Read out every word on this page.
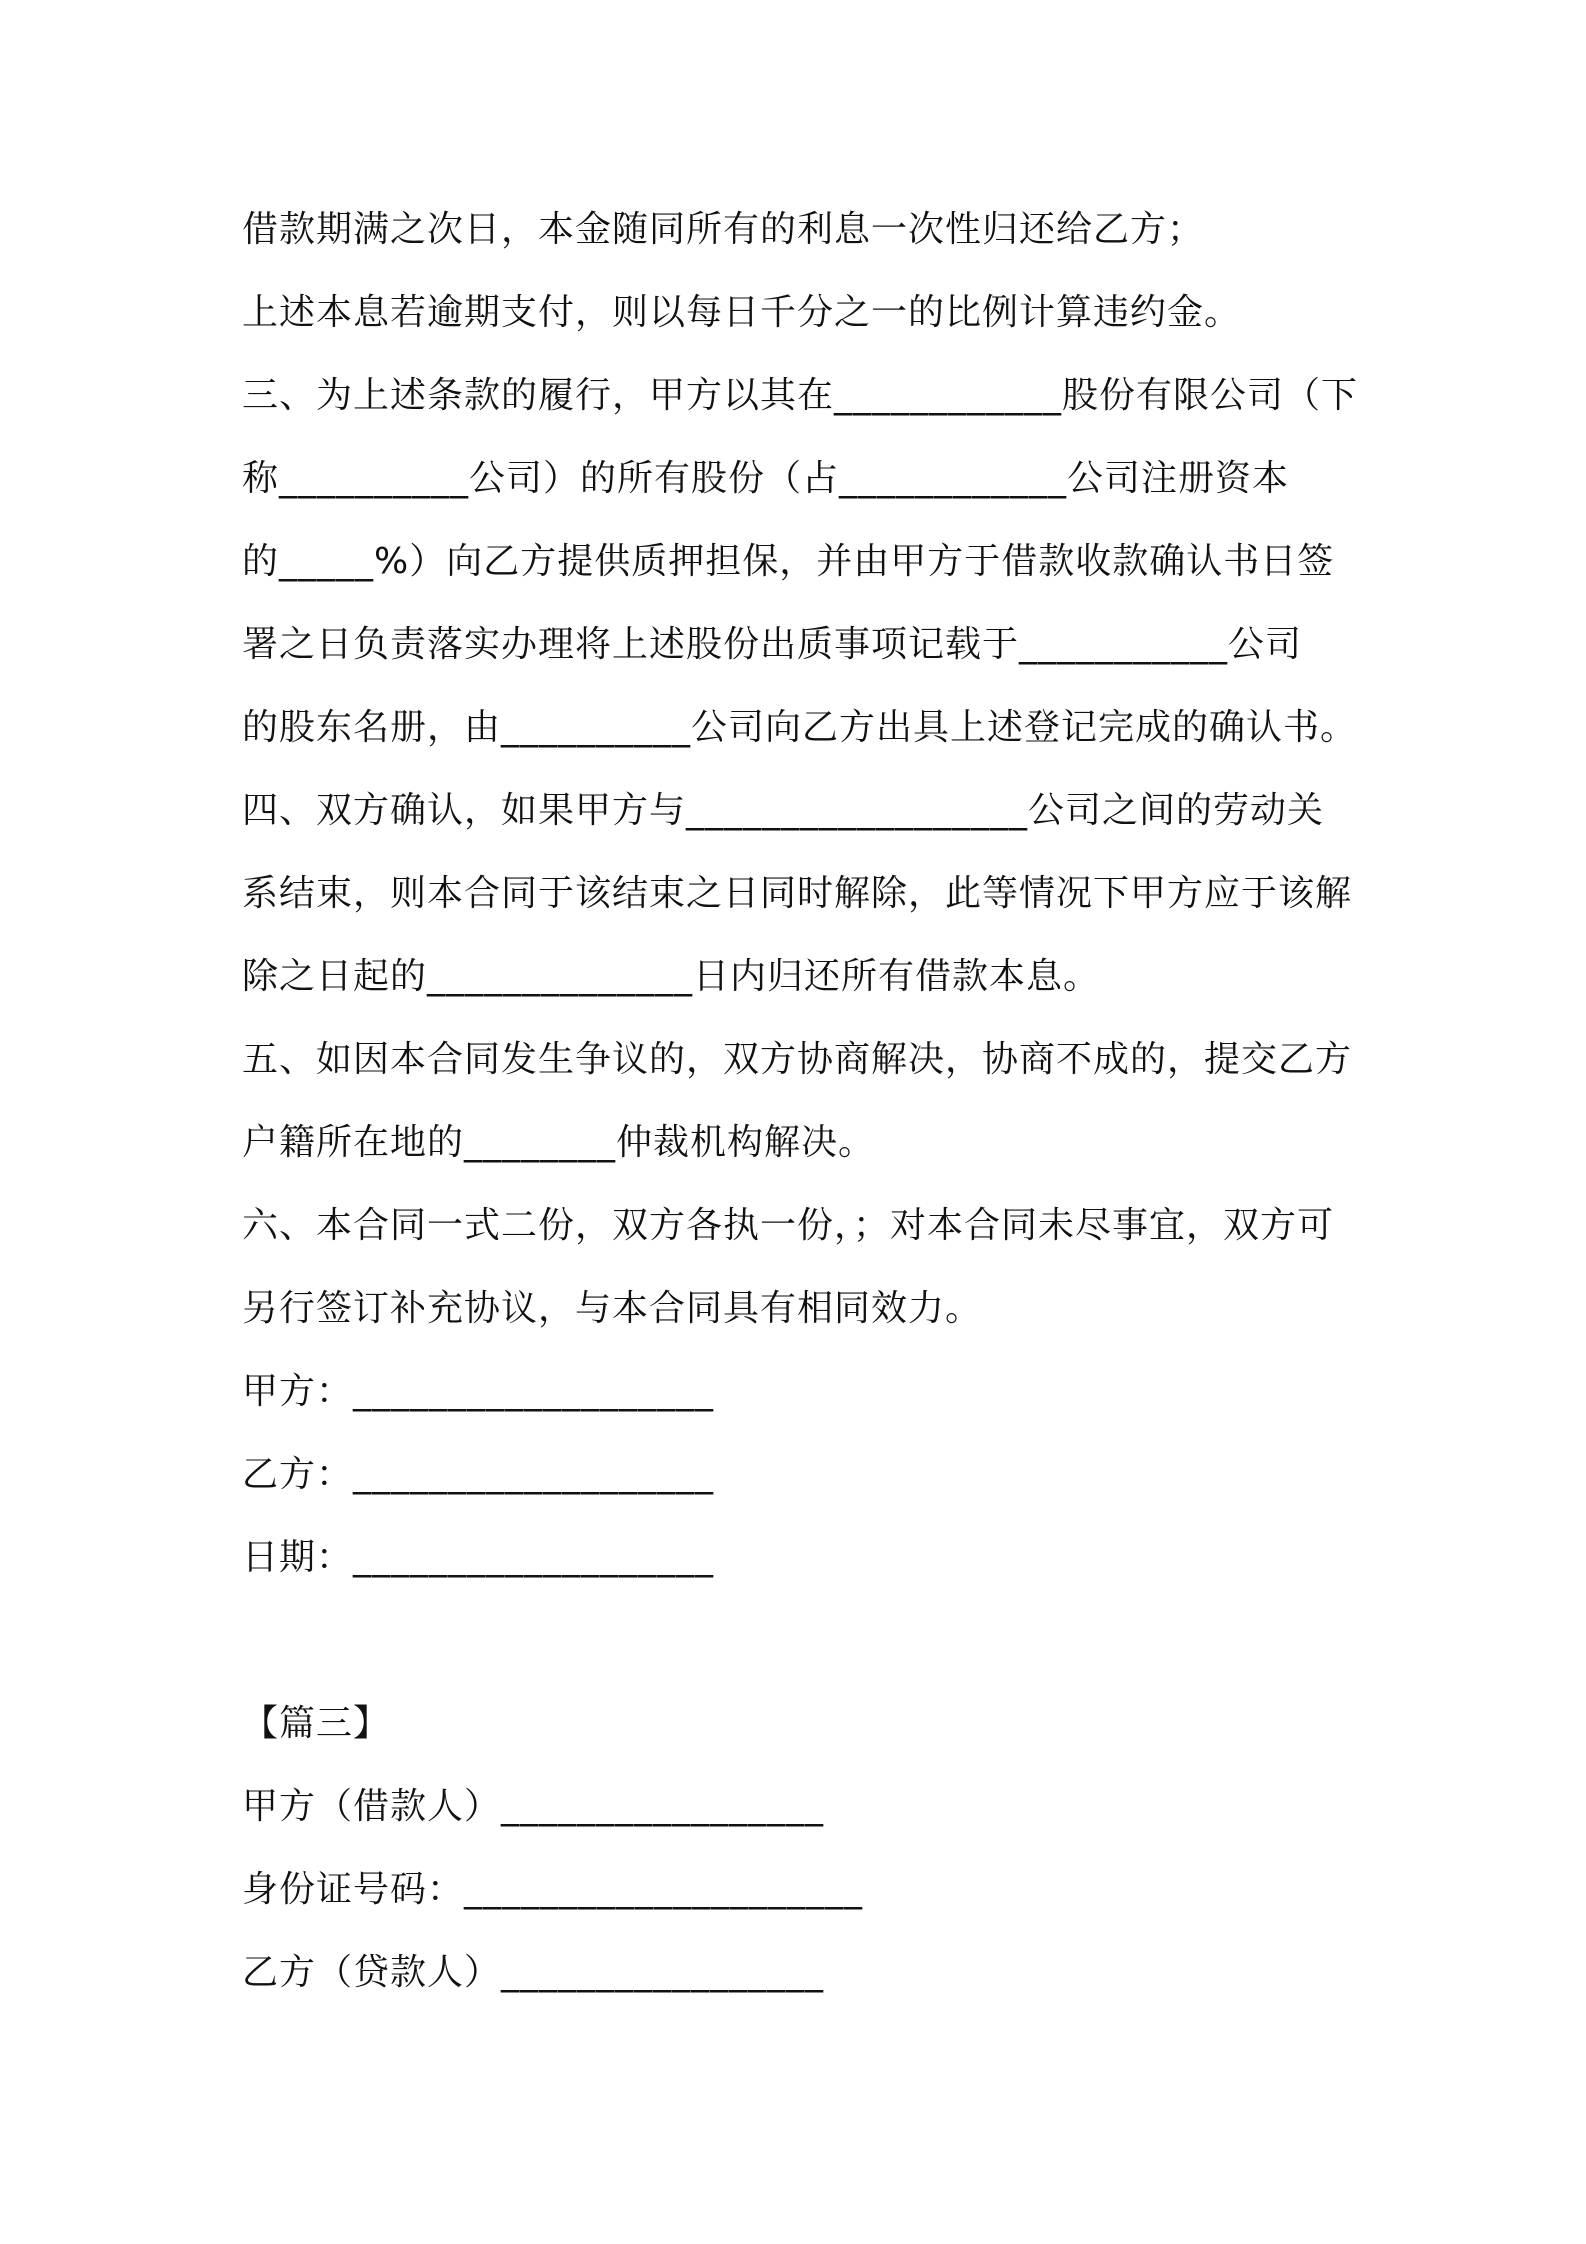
借款期满之次日，本金随同所有的利息一次性归还给乙方；
上述本息若逾期支付，则以每日千分之一的比例计算违约金。
三、为上述条款的履行，甲方以其在____________股份有限公司（下
称__________公司）的所有股份（占____________公司注册资本
的_____%）向乙方提供质押担保，并由甲方于借款收款确认书日签
署之日负责落实办理将上述股份出质事项记载于___________公司
的股东名册，由__________公司向乙方出具上述登记完成的确认书。
四、双方确认，如果甲方与__________________公司之间的劳动关
系结束，则本合同于该结束之日同时解除，此等情况下甲方应于该解
除之日起的______________日内归还所有借款本息。
五、如因本合同发生争议的，双方协商解决，协商不成的，提交乙方
户籍所在地的________仲裁机构解决。
六、本合同一式二份，双方各执一份，；对本合同未尽事宜，双方可
另行签订补充协议，与本合同具有相同效力。
甲方：___________________
乙方：___________________
日期：___________________
【篇三】
甲方（借款人）_________________
身份证号码：_____________________
乙方（贷款人）_________________
